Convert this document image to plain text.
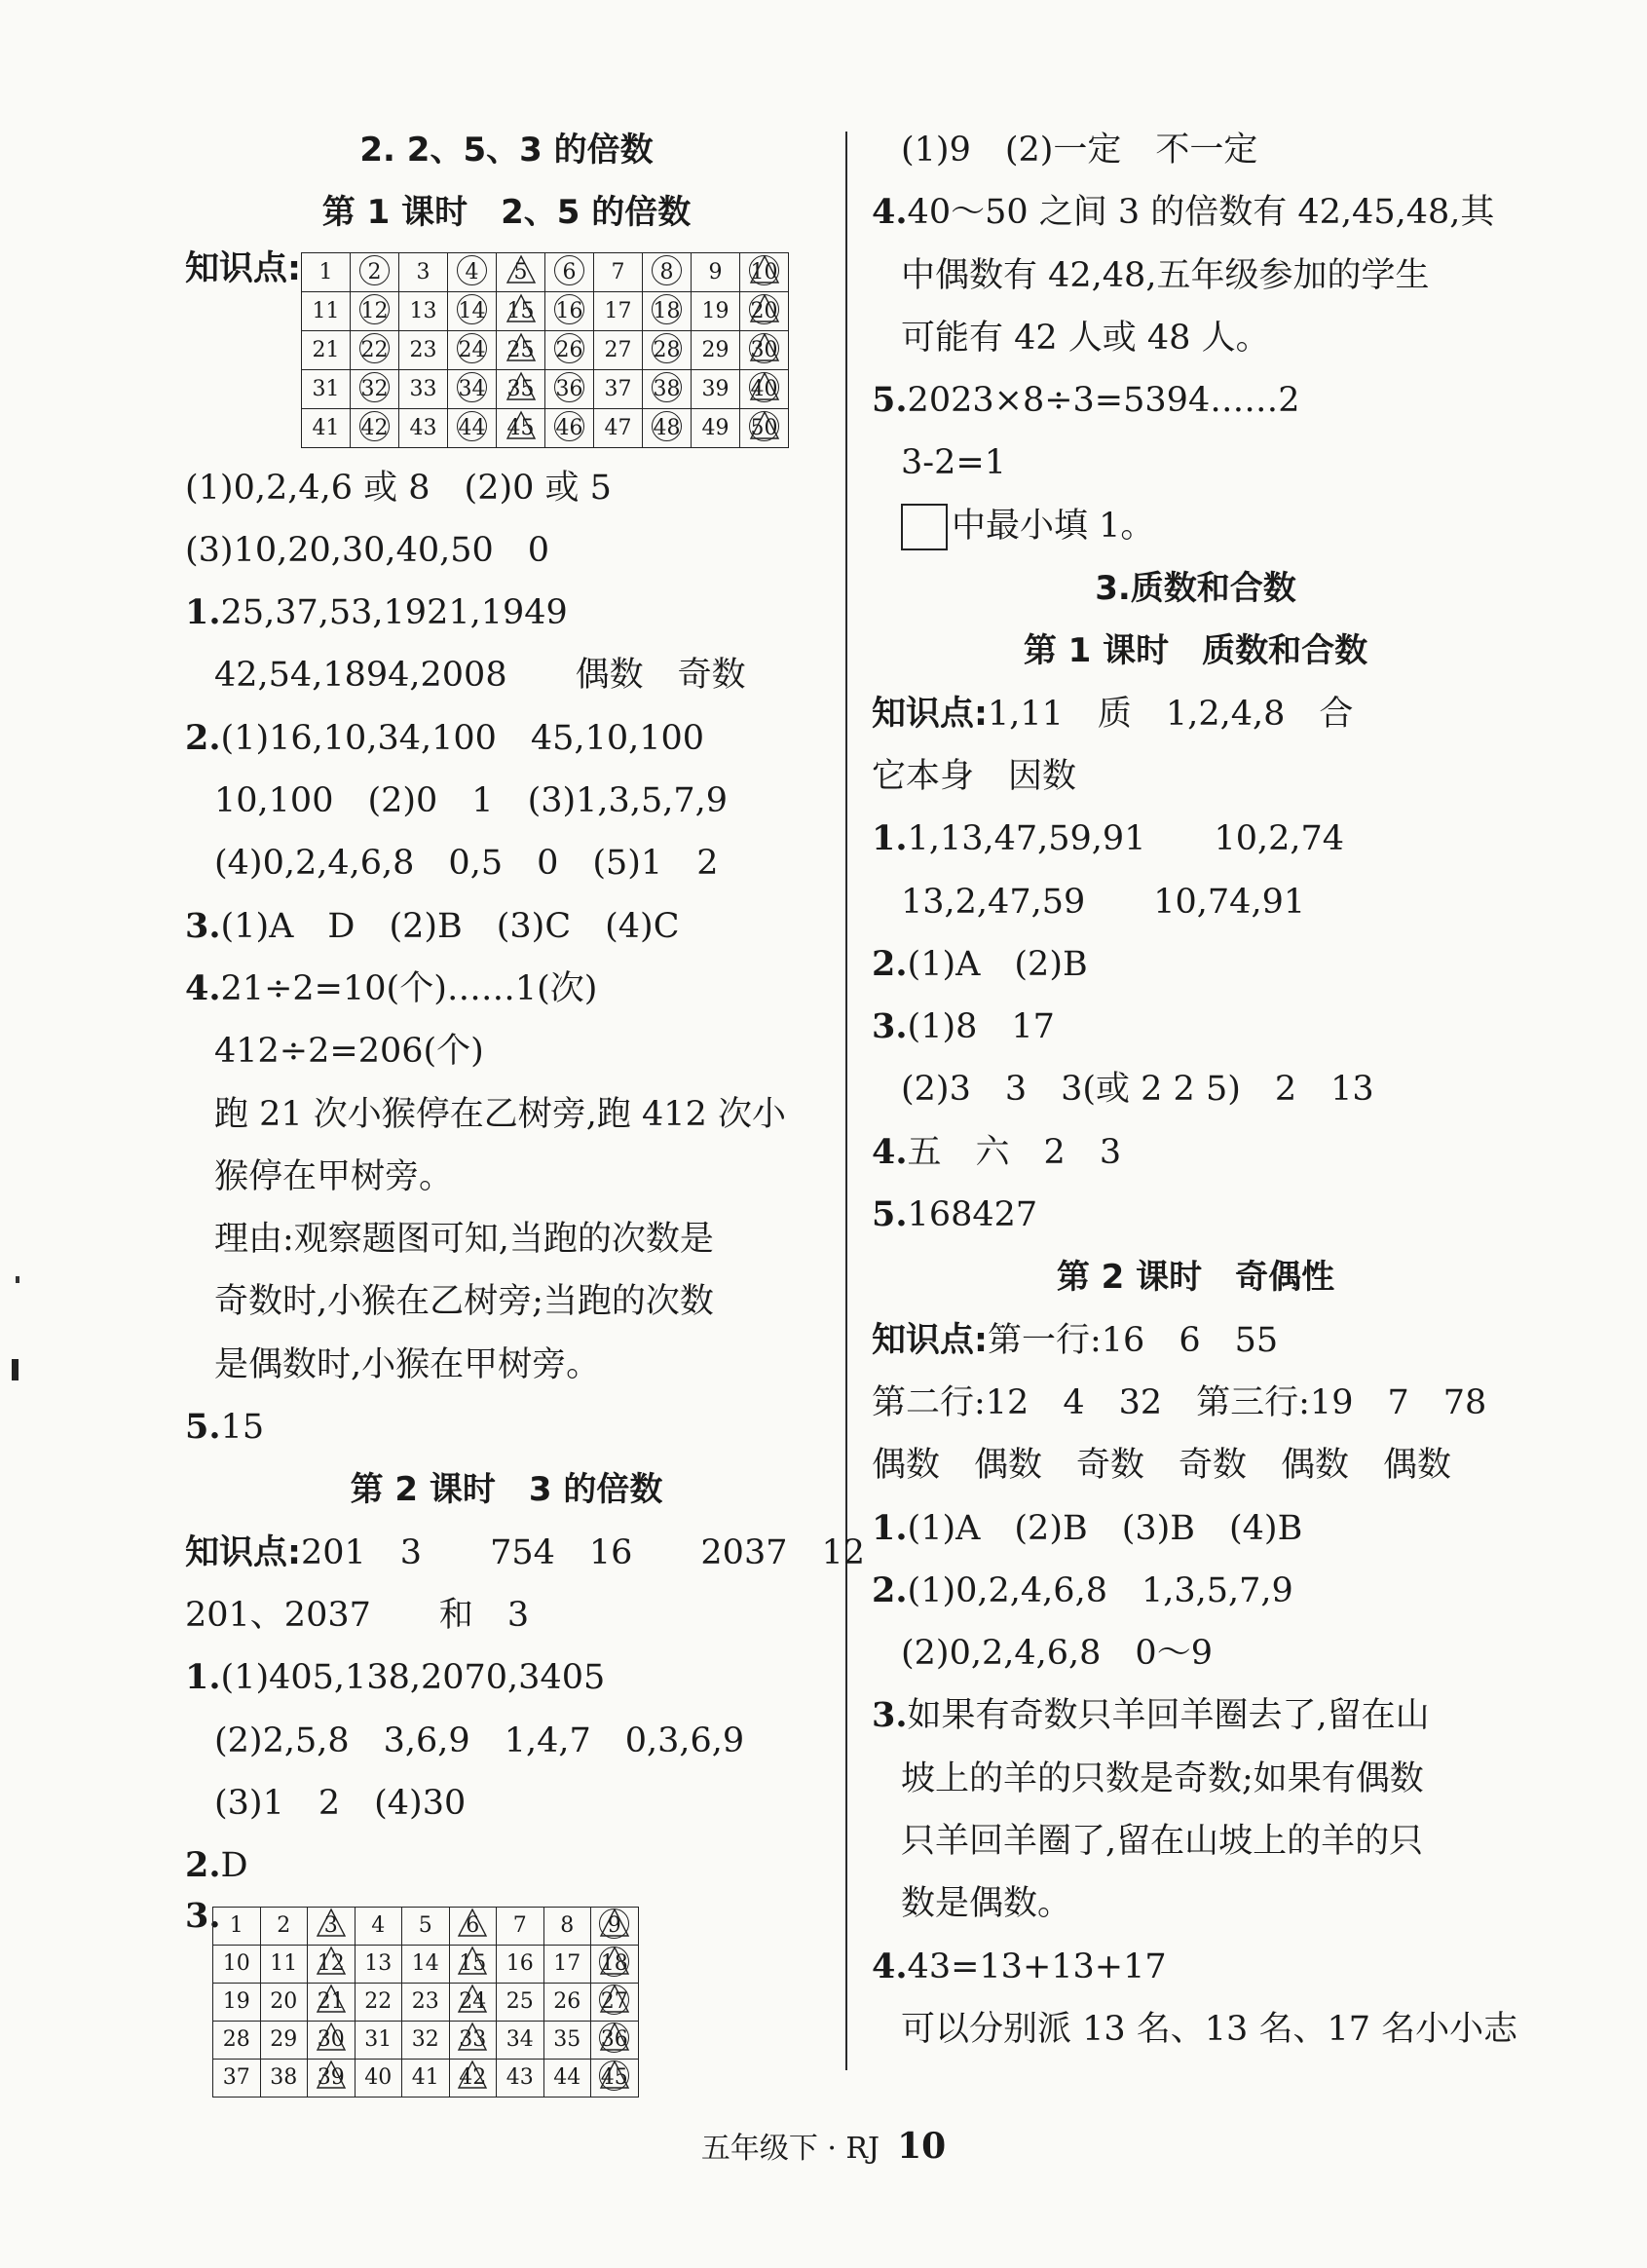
2. 2、5、3 的倍数
第 1 课时　2、5 的倍数
知识点: 1	2	3	4	5	6	7	8	9	10
11	12	13	14	15	16	17	18	19	20
21	22	23	24	25	26	27	28	29	30
31	32	33	34	35	36	37	38	39	40
41	42	43	44	45	46	47	48	49	50
(1)0,2,4,6 或 8　(2)0 或 5
(3)10,20,30,40,50　0
1.25,37,53,1921,1949
42,54,1894,2008　　偶数　奇数
2.(1)16,10,34,100　45,10,100
10,100　(2)0　1　(3)1,3,5,7,9
(4)0,2,4,6,8　0,5　0　(5)1　2
3.(1)A　D　(2)B　(3)C　(4)C
4.21÷2=10(个)……1(次)
412÷2=206(个)
跑 21 次小猴停在乙树旁,跑 412 次小
猴停在甲树旁。
理由:观察题图可知,当跑的次数是
奇数时,小猴在乙树旁;当跑的次数
是偶数时,小猴在甲树旁。
5.15
第 2 课时　3 的倍数
知识点:201　3　　754　16　　2037　12
201、2037　　和　3
1.(1)405,138,2070,3405
(2)2,5,8　3,6,9　1,4,7　0,3,6,9
(3)1　2　(4)30
2.D
3. 1	2	3	4	5	6	7	8	9
10	11	12	13	14	15	16	17	18
19	20	21	22	23	24	25	26	27
28	29	30	31	32	33	34	35	36
37	38	39	40	41	42	43	44	45
(1)9　(2)一定　不一定
4.40～50 之间 3 的倍数有 42,45,48,其
中偶数有 42,48,五年级参加的学生
可能有 42 人或 48 人。
5.2023×8÷3=5394……2
3-2=1
中最小填 1。
3.质数和合数
第 1 课时　质数和合数
知识点:1,11　质　1,2,4,8　合
它本身　因数
1.1,13,47,59,91　　10,2,74
13,2,47,59　　10,74,91
2.(1)A　(2)B
3.(1)8　17
(2)3　3　3(或 2 2 5)　2　13
4.五　六　2　3
5.168427
第 2 课时　奇偶性
知识点:第一行:16　6　55
第二行:12　4　32　第三行:19　7　78
偶数　偶数　奇数　奇数　偶数　偶数
1.(1)A　(2)B　(3)B　(4)B
2.(1)0,2,4,6,8　1,3,5,7,9
(2)0,2,4,6,8　0～9
3.如果有奇数只羊回羊圈去了,留在山
坡上的羊的只数是奇数;如果有偶数
只羊回羊圈了,留在山坡上的羊的只
数是偶数。
4.43=13+13+17
可以分别派 13 名、13 名、17 名小小志
五年级下 · RJ 10
